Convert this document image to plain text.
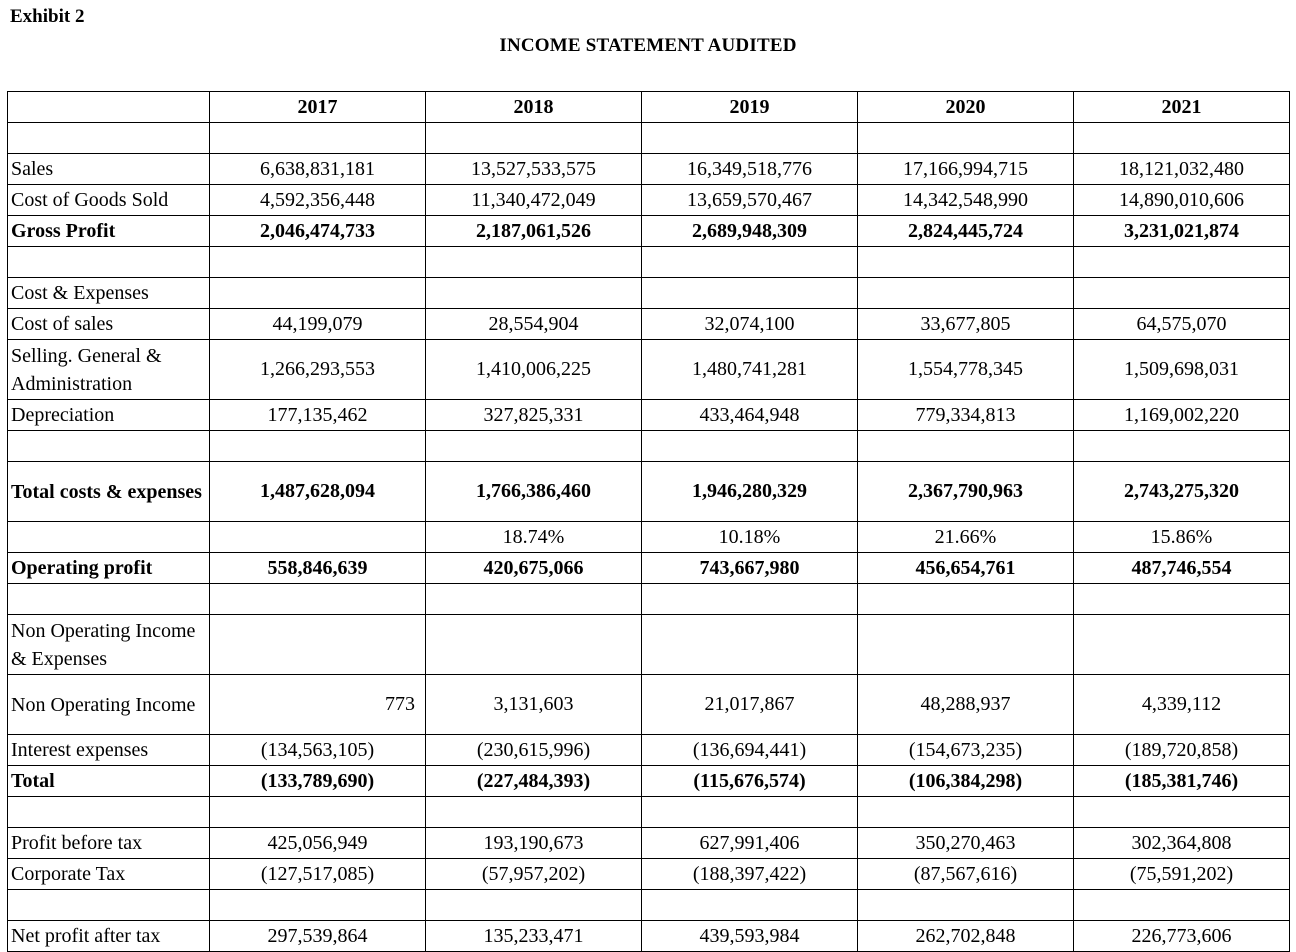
Exhibit 2
INCOME STATEMENT AUDITED
	2017	2018	2019	2020	2021

Sales	6,638,831,181	13,527,533,575	16,349,518,776	17,166,994,715	18,121,032,480
Cost of Goods Sold	4,592,356,448	11,340,472,049	13,659,570,467	14,342,548,990	14,890,010,606
Gross Profit	2,046,474,733	2,187,061,526	2,689,948,309	2,824,445,724	3,231,021,874

Cost & Expenses					
Cost of sales	44,199,079	28,554,904	32,074,100	33,677,805	64,575,070
Selling. General & Administration	1,266,293,553	1,410,006,225	1,480,741,281	1,554,778,345	1,509,698,031
Depreciation	177,135,462	327,825,331	433,464,948	779,334,813	1,169,002,220

Total costs & expenses	1,487,628,094	1,766,386,460	1,946,280,329	2,367,790,963	2,743,275,320
		18.74%	10.18%	21.66%	15.86%
Operating profit	558,846,639	420,675,066	743,667,980	456,654,761	487,746,554

Non Operating Income & Expenses					
Non Operating Income	773	3,131,603	21,017,867	48,288,937	4,339,112
Interest expenses	(134,563,105)	(230,615,996)	(136,694,441)	(154,673,235)	(189,720,858)
Total	(133,789,690)	(227,484,393)	(115,676,574)	(106,384,298)	(185,381,746)

Profit before tax	425,056,949	193,190,673	627,991,406	350,270,463	302,364,808
Corporate Tax	(127,517,085)	(57,957,202)	(188,397,422)	(87,567,616)	(75,591,202)

Net profit after tax	297,539,864	135,233,471	439,593,984	262,702,848	226,773,606
